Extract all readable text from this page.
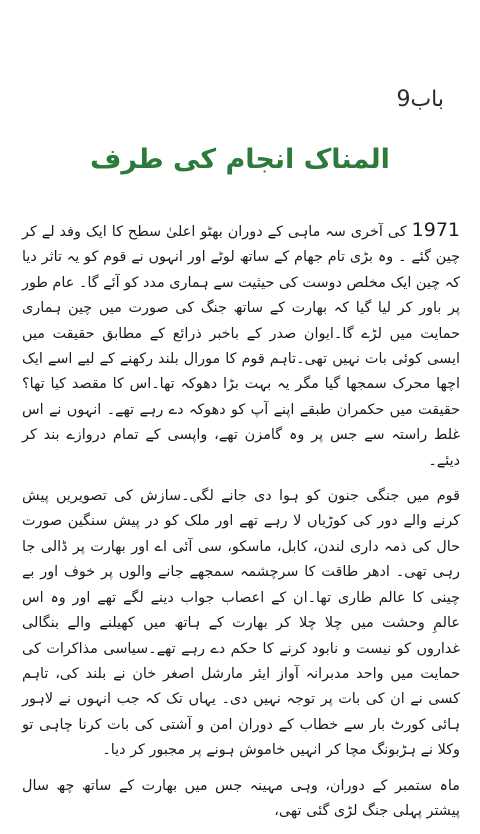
باب9
المناک انجام کی طرف

1971 کی آخری سہ ماہی کے دوران بھٹو اعلیٰ سطح کا ایک وفد لے کر چین گئے ۔ وہ بڑی تام جھام کے ساتھ لوٹے اور انہوں نے قوم کو یہ تاثر دیا کہ چین ایک مخلص دوست کی حیثیت سے ہماری مدد کو آئے گا۔ عام طور پر باور کر لیا گیا کہ بھارت کے ساتھ جنگ کی صورت میں چین ہماری حمایت میں لڑے گا۔ایوان صدر کے باخبر ذرائع کے مطابق حقیقت میں ایسی کوئی بات نہیں تھی۔تاہم قوم کا مورال بلند رکھنے کے لیے اسے ایک اچھا محرک سمجھا گیا مگر یہ بہت بڑا دھوکہ تھا۔اس کا مقصد کیا تھا؟ حقیقت میں حکمران طبقے اپنے آپ کو دھوکہ دے رہے تھے۔ انہوں نے اس غلط راستہ سے جس پر وہ گامزن تھے، واپسی کے تمام دروازے بند کر دیئے۔

قوم میں جنگی جنون کو ہوا دی جانے لگی۔سازش کی تصویریں پیش کرنے والے دور کی کوڑیاں لا رہے تھے اور ملک کو در پیش سنگین صورت حال کی ذمہ داری لندن، کابل، ماسکو، سی آئی اے اور بھارت پر ڈالی جا رہی تھی۔ ادھر طاقت کا سرچشمہ سمجھے جانے والوں پر خوف اور بے چینی کا عالم طاری تھا۔ان کے اعصاب جواب دینے لگے تھے اور وہ اس عالمِ وحشت میں چلا چلا کر بھارت کے ہاتھ میں کھیلنے والے بنگالی غداروں کو نیست و نابود کرنے کا حکم دے رہے تھے۔سیاسی مذاکرات کی حمایت میں واحد مدبرانہ آواز ایئر مارشل اصغر خان نے بلند کی، تاہم کسی نے ان کی بات پر توجہ نہیں دی۔ یہاں تک کہ جب انہوں نے لاہور ہائی کورٹ بار سے خطاب کے دوران امن و آشتی کی بات کرنا چاہی تو وکلا نے ہڑبونگ مچا کر انہیں خاموش ہونے پر مجبور کر دیا۔

ماہ ستمبر کے دوران، وہی مہینہ جس میں بھارت کے ساتھ چھ سال پیشتر پہلی جنگ لڑی گئی تھی،
